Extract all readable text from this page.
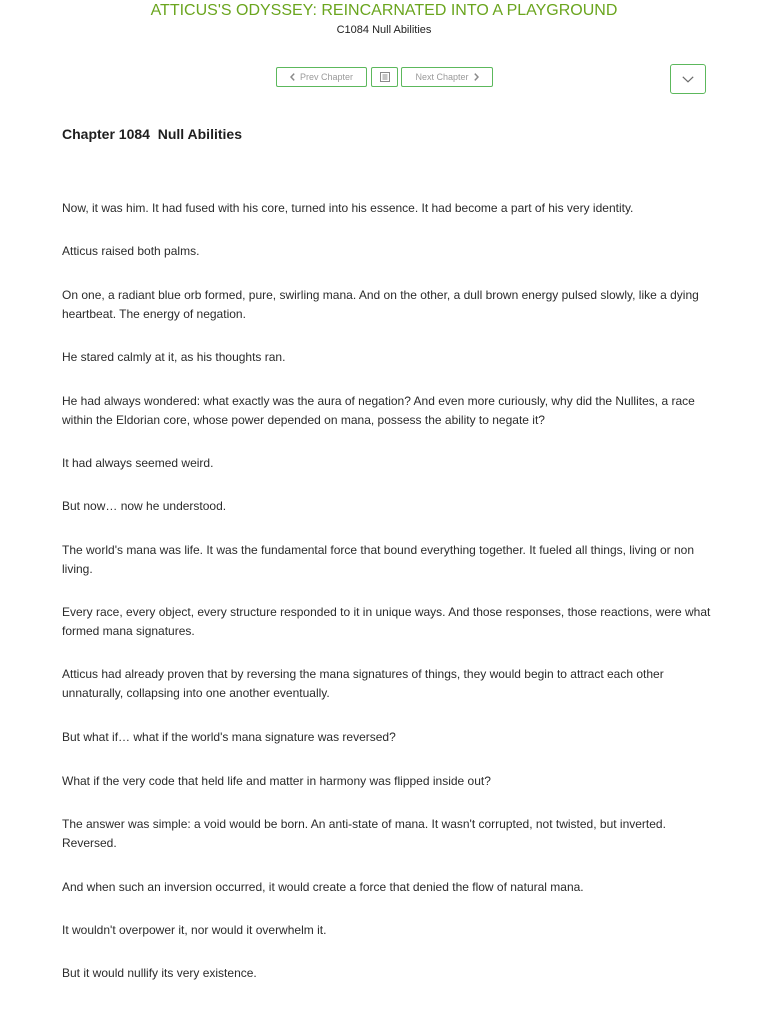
ATTICUS'S ODYSSEY: REINCARNATED INTO A PLAYGROUND
C1084 Null Abilities
Prev Chapter	Next Chapter
Chapter 1084  Null Abilities

Now, it was him. It had fused with his core, turned into his essence. It had become a part of his very identity.

Atticus raised both palms.

On one, a radiant blue orb formed, pure, swirling mana. And on the other, a dull brown energy pulsed slowly, like a dying heartbeat. The energy of negation.

He stared calmly at it, as his thoughts ran.

He had always wondered: what exactly was the aura of negation? And even more curiously, why did the Nullites, a race within the Eldorian core, whose power depended on mana, possess the ability to negate it?

It had always seemed weird.

But now… now he understood.

The world's mana was life. It was the fundamental force that bound everything together. It fueled all things, living or non living.

Every race, every object, every structure responded to it in unique ways. And those responses, those reactions, were what formed mana signatures.

Atticus had already proven that by reversing the mana signatures of things, they would begin to attract each other unnaturally, collapsing into one another eventually.

But what if… what if the world's mana signature was reversed?

What if the very code that held life and matter in harmony was flipped inside out?

The answer was simple: a void would be born. An anti-state of mana. It wasn't corrupted, not twisted, but inverted. Reversed.

And when such an inversion occurred, it would create a force that denied the flow of natural mana.

It wouldn't overpower it, nor would it overwhelm it.

But it would nullify its very existence.
